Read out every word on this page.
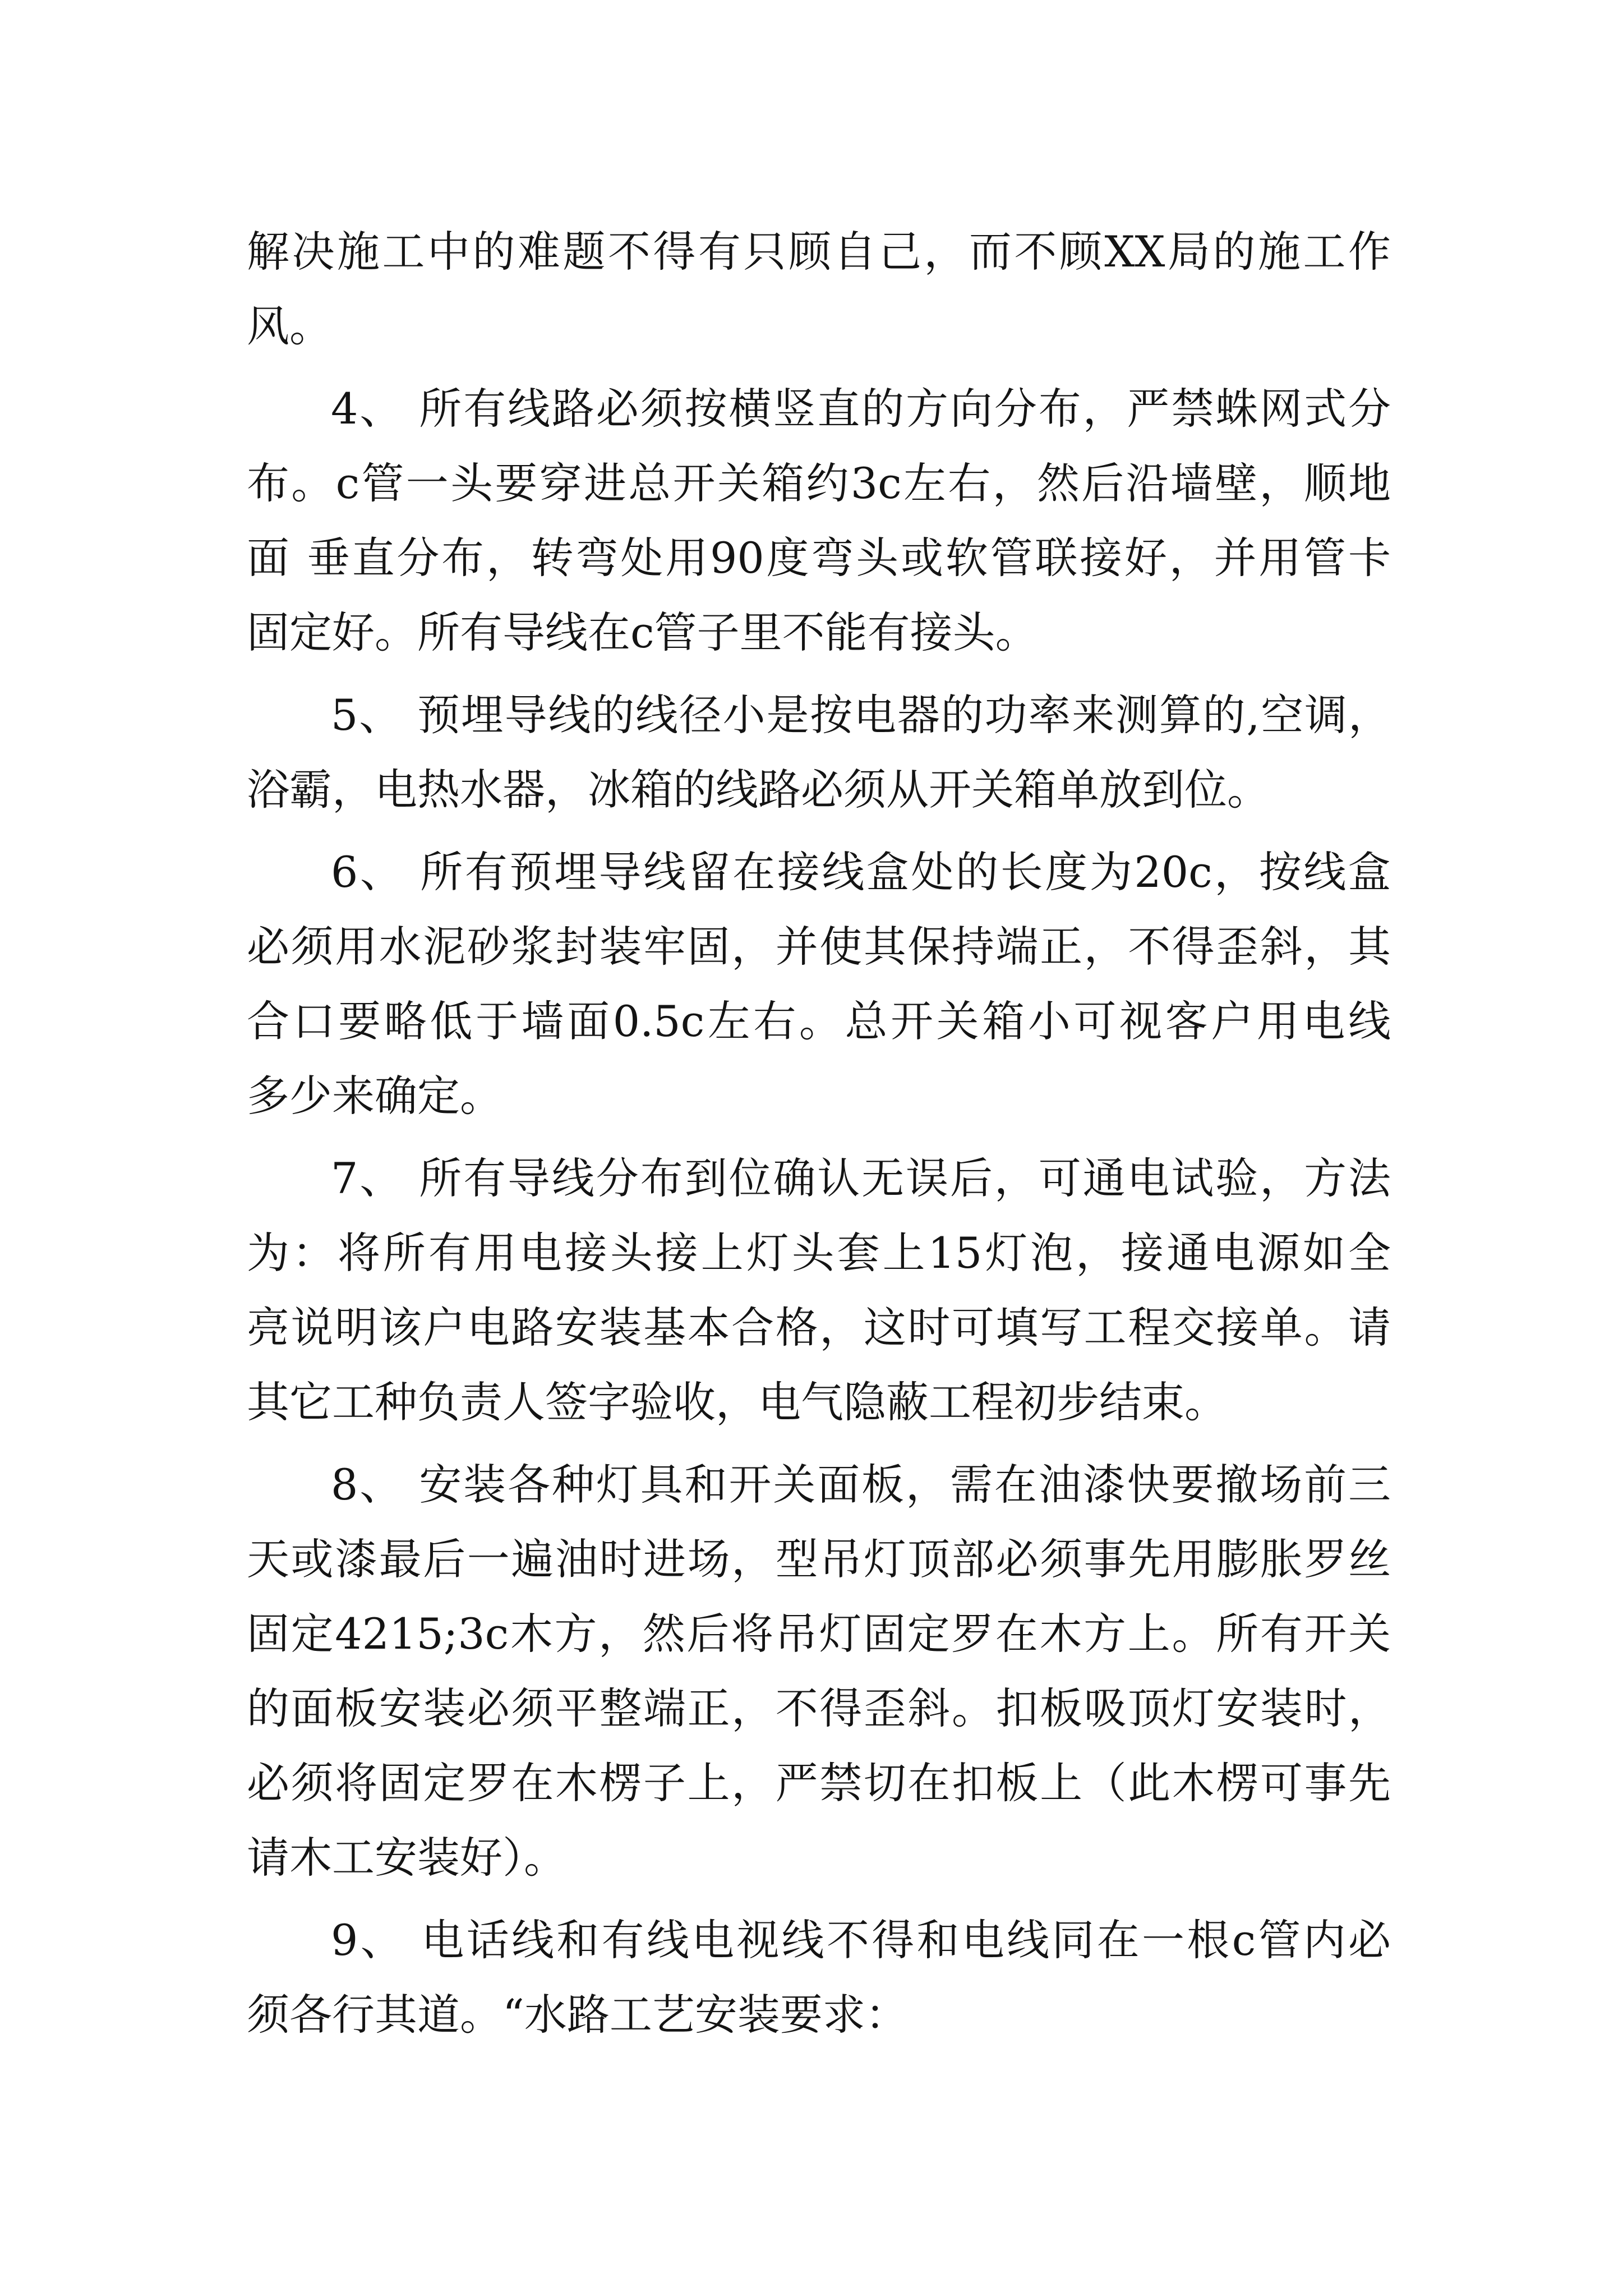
解决施工中的难题不得有只顾自己，而不顾XX局的施工作
风。
4、 所有线路必须按横竖直的方向分布，严禁蛛网式分
布。c管一头要穿进总开关箱约3c左右，然后沿墙壁，顺地
面 垂直分布，转弯处用90度弯头或软管联接好，并用管卡
固定好。所有导线在c管子里不能有接头。
5、 预埋导线的线径小是按电器的功率来测算的,空调，
浴霸，电热水器，冰箱的线路必须从开关箱单放到位。
6、 所有预埋导线留在接线盒处的长度为20c，按线盒
必须用水泥砂浆封装牢固，并使其保持端正，不得歪斜，其
合口要略低于墙面0.5c左右。总开关箱小可视客户用电线
多少来确定。
7、 所有导线分布到位确认无误后，可通电试验，方法
为：将所有用电接头接上灯头套上15灯泡，接通电源如全
亮说明该户电路安装基本合格，这时可填写工程交接单。请
其它工种负责人签字验收，电气隐蔽工程初步结束。
8、 安装各种灯具和开关面板，需在油漆快要撤场前三
天或漆最后一遍油时进场，型吊灯顶部必须事先用膨胀罗丝
固定4215;3c木方，然后将吊灯固定罗在木方上。所有开关
的面板安装必须平整端正，不得歪斜。扣板吸顶灯安装时，
必须将固定罗在木楞子上，严禁切在扣板上（此木楞可事先
请木工安装好）。
9、 电话线和有线电视线不得和电线同在一根c管内必
须各行其道。“水路工艺安装要求：
